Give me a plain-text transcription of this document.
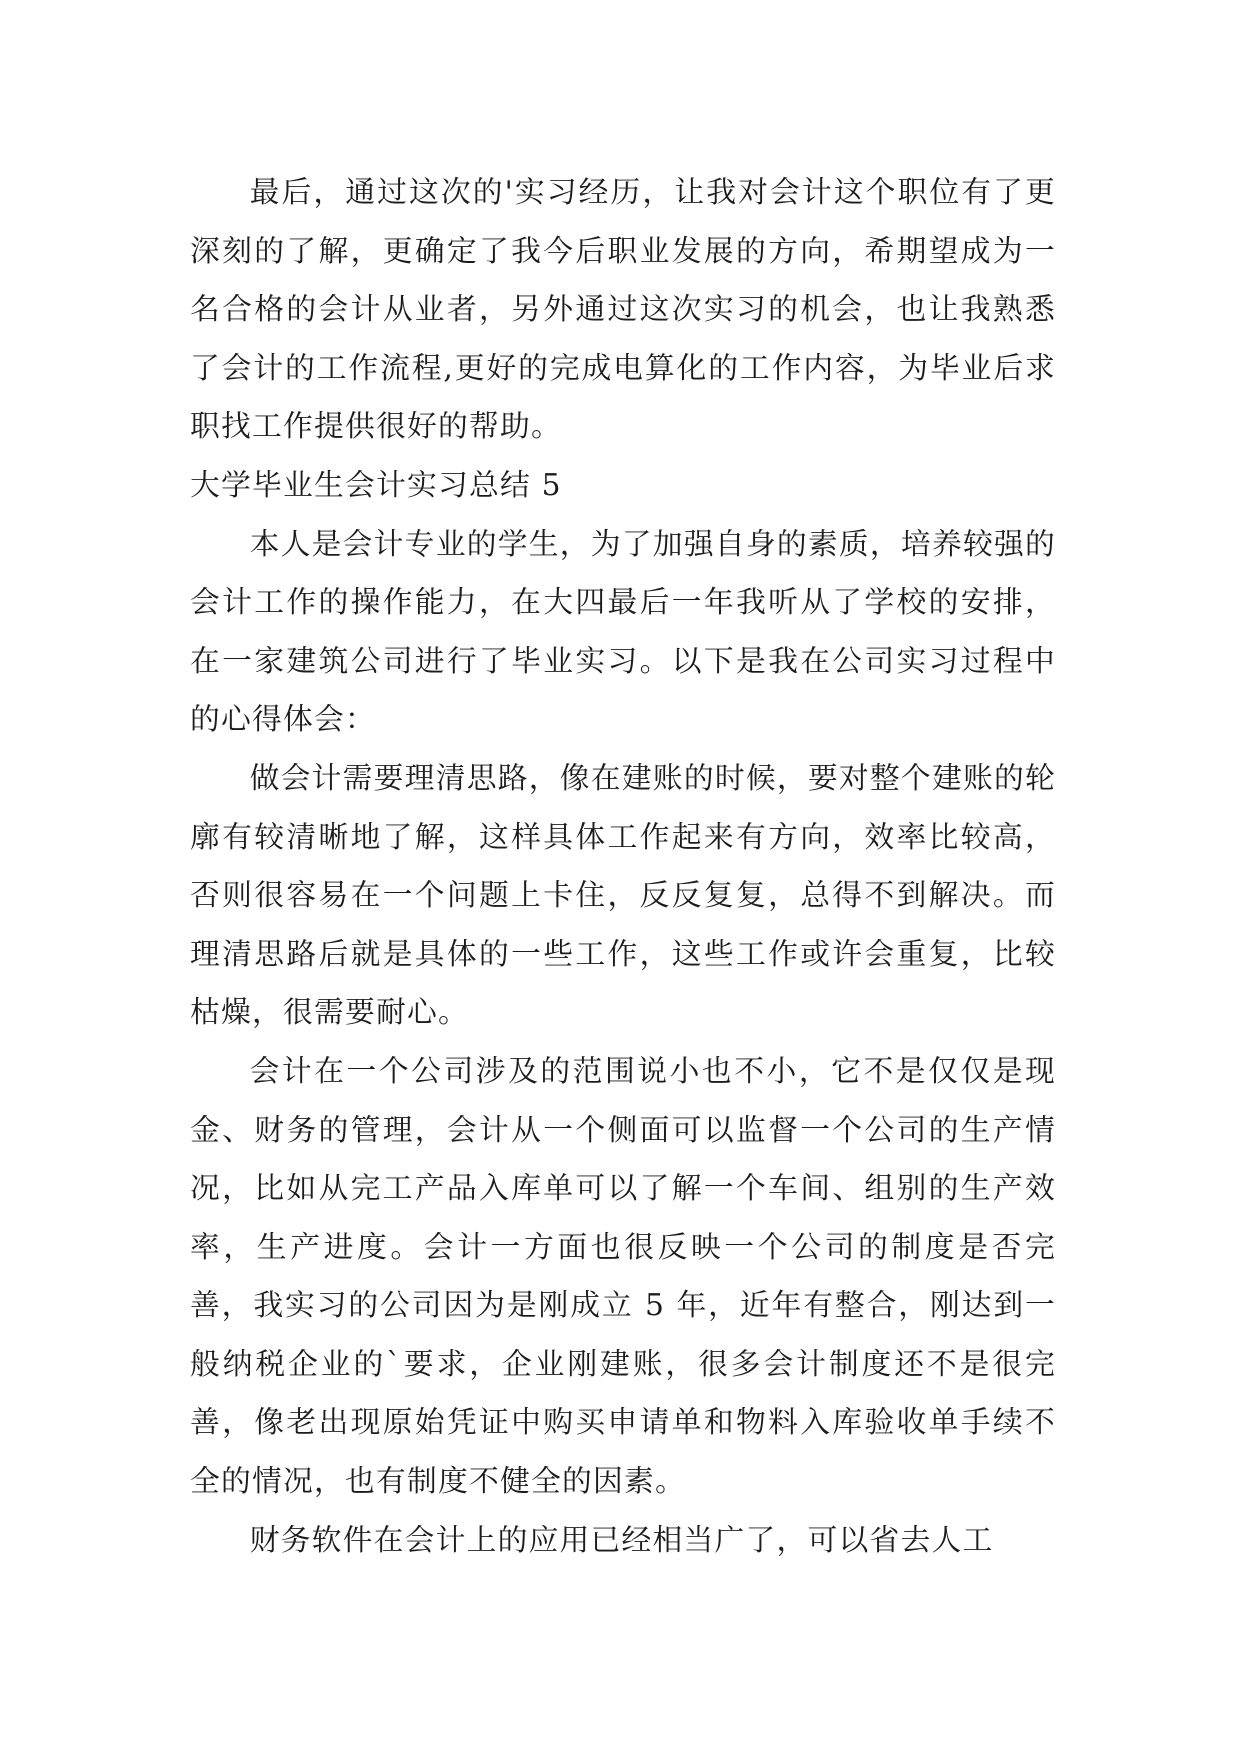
最后，通过这次的'实习经历，让我对会计这个职位有了更深刻的了解，更确定了我今后职业发展的方向，希期望成为一名合格的会计从业者，另外通过这次实习的机会，也让我熟悉了会计的工作流程,更好的完成电算化的工作内容，为毕业后求职找工作提供很好的帮助。

大学毕业生会计实习总结 5

本人是会计专业的学生，为了加强自身的素质，培养较强的会计工作的操作能力，在大四最后一年我听从了学校的安排，在一家建筑公司进行了毕业实习。以下是我在公司实习过程中的心得体会：

做会计需要理清思路，像在建账的时候，要对整个建账的轮廓有较清晰地了解，这样具体工作起来有方向，效率比较高，否则很容易在一个问题上卡住，反反复复，总得不到解决。而理清思路后就是具体的一些工作，这些工作或许会重复，比较枯燥，很需要耐心。

会计在一个公司涉及的范围说小也不小，它不是仅仅是现金、财务的管理，会计从一个侧面可以监督一个公司的生产情况，比如从完工产品入库单可以了解一个车间、组别的生产效率，生产进度。会计一方面也很反映一个公司的制度是否完善，我实习的公司因为是刚成立 5 年，近年有整合，刚达到一般纳税企业的`要求，企业刚建账，很多会计制度还不是很完善，像老出现原始凭证中购买申请单和物料入库验收单手续不全的情况，也有制度不健全的因素。

财务软件在会计上的应用已经相当广了，可以省去人工
